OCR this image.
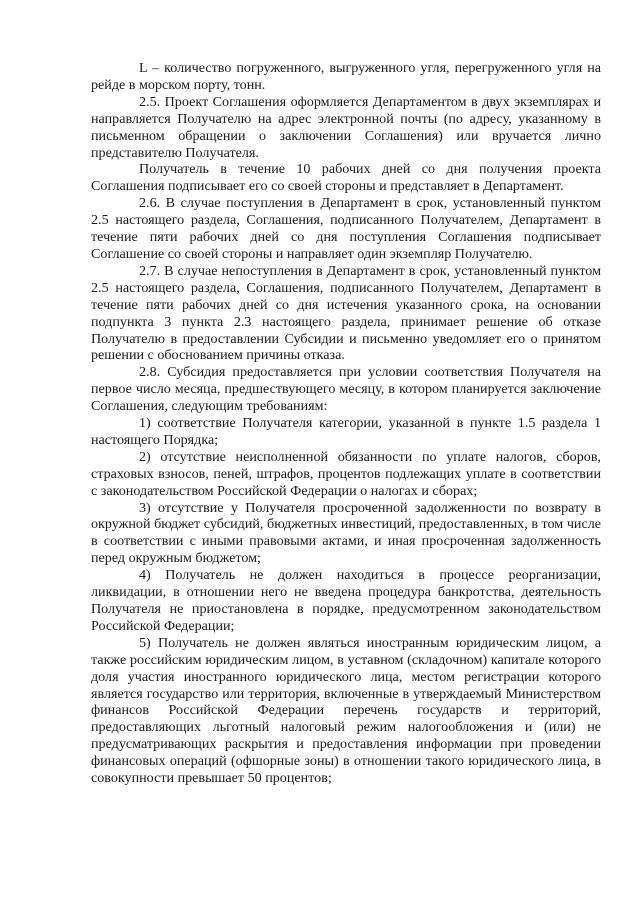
L – количество погруженного, выгруженного угля, перегруженного угля на рейде в морском порту, тонн.

2.5. Проект Соглашения оформляется Департаментом в двух экземплярах и направляется Получателю на адрес электронной почты (по адресу, указанному в письменном обращении о заключении Соглашения) или вручается лично представителю Получателя.

Получатель в течение 10 рабочих дней со дня получения проекта Соглашения подписывает его со своей стороны и представляет в Департамент.

2.6. В случае поступления в Департамент в срок, установленный пунктом 2.5 настоящего раздела, Соглашения, подписанного Получателем, Департамент в течение пяти рабочих дней со дня поступления Соглашения подписывает Соглашение со своей стороны и направляет один экземпляр Получателю.

2.7. В случае непоступления в Департамент в срок, установленный пунктом 2.5 настоящего раздела, Соглашения, подписанного Получателем, Департамент в течение пяти рабочих дней со дня истечения указанного срока, на основании подпункта 3 пункта 2.3 настоящего раздела, принимает решение об отказе Получателю в предоставлении Субсидии и письменно уведомляет его о принятом решении с обоснованием причины отказа.

2.8. Субсидия предоставляется при условии соответствия Получателя на первое число месяца, предшествующего месяцу, в котором планируется заключение Соглашения, следующим требованиям:

1) соответствие Получателя категории, указанной в пункте 1.5 раздела 1 настоящего Порядка;

2) отсутствие неисполненной обязанности по уплате налогов, сборов, страховых взносов, пеней, штрафов, процентов подлежащих уплате в соответствии с законодательством Российской Федерации о налогах и сборах;

3) отсутствие у Получателя просроченной задолженности по возврату в окружной бюджет субсидий, бюджетных инвестиций, предоставленных, в том числе в соответствии с иными правовыми актами, и иная просроченная задолженность перед окружным бюджетом;

4) Получатель не должен находиться в процессе реорганизации, ликвидации, в отношении него не введена процедура банкротства, деятельность Получателя не приостановлена в порядке, предусмотренном законодательством Российской Федерации;

5) Получатель не должен являться иностранным юридическим лицом, а также российским юридическим лицом, в уставном (складочном) капитале которого доля участия иностранного юридического лица, местом регистрации которого является государство или территория, включенные в утверждаемый Министерством финансов Российской Федерации перечень государств и территорий, предоставляющих льготный налоговый режим налогообложения и (или) не предусматривающих раскрытия и предоставления информации при проведении финансовых операций (офшорные зоны) в отношении такого юридического лица, в совокупности превышает 50 процентов;
